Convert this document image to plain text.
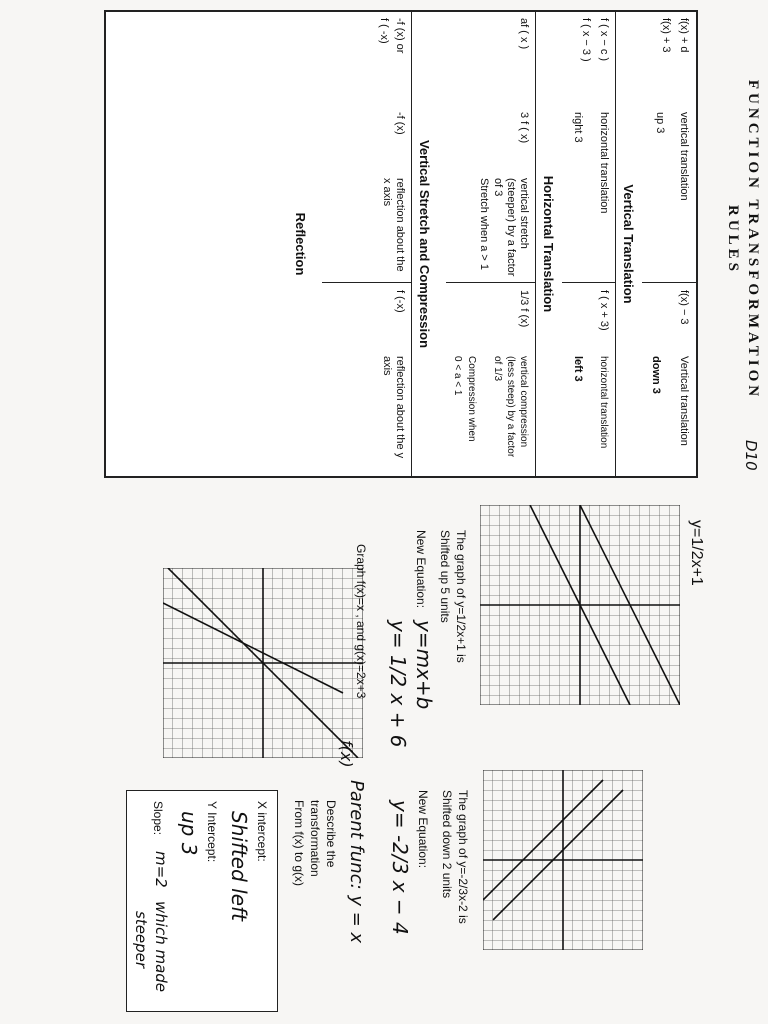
FUNCTION TRANSFORMATION
RULES
D10
Vertical Translation
f(x) + d
f(x) + 3
vertical translation
up 3
f(x) − 3
Vertical translation
down 3
f ( x − c )
f ( x − 3 )
horizontal translation
right 3
f ( x + 3)
horizontal translation
left 3
Horizontal Translation
af ( x )
3 f ( x)
vertical stretch (steeper) by a factor of 3
Stretch when a > 1
1/3 f (x)
vertical compression (less steep) by a factor of 1/3
Compression when
0 < a < 1
Vertical Stretch and Compression
-f (x) or
f ( -x)
-f (x)
reflection about the x axis
f (-x)
reflection about the y axis
Reflection
y=1/2x+1
The graph of y=1/2x+1 is
Shifted up 5 units
New Equation:
y=mx+b
y= 1/2 x + 6
Graph f(x)=x , and g(x)=2x+3
f(x)
The graph of y=-2/3x-2 is
Shifted down 2 units
New Equation:
y= -2/3 x − 4
Parent func: y = x
Describe the
transformation
From f(x) to g(x)
X intercept:
Shifted left
Y Intercept:
up 3
Slope:
m=2
which made
steeper
